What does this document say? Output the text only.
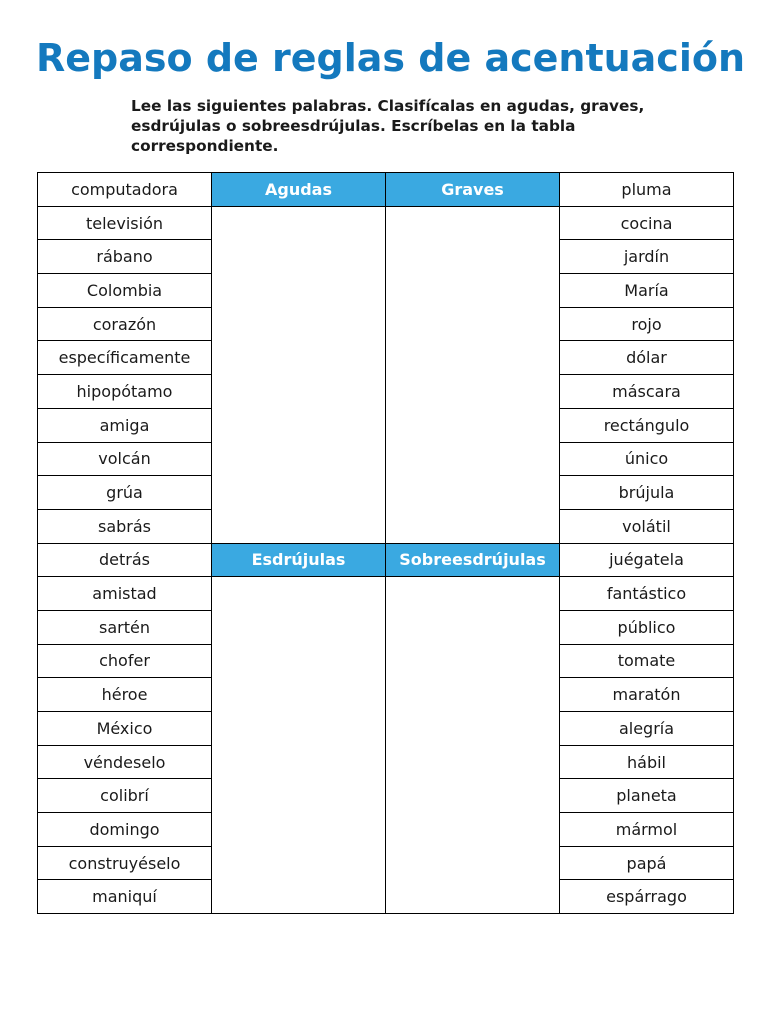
Repaso de reglas de acentuación

Lee las siguientes palabras. Clasifícalas en agudas, graves, esdrújulas o sobreesdrújulas. Escríbelas en la tabla correspondiente.

computadora	Agudas	Graves	pluma
televisión			cocina
rábano			jardín
Colombia			María
corazón			rojo
específicamente			dólar
hipopótamo			máscara
amiga			rectángulo
volcán			único
grúa			brújula
sabrás			volátil
detrás	Esdrújulas	Sobreesdrújulas	juégatela
amistad			fantástico
sartén			público
chofer			tomate
héroe			maratón
México			alegría
véndeselo			hábil
colibrí			planeta
domingo			mármol
construyéselo			papá
maniquí			espárrago
